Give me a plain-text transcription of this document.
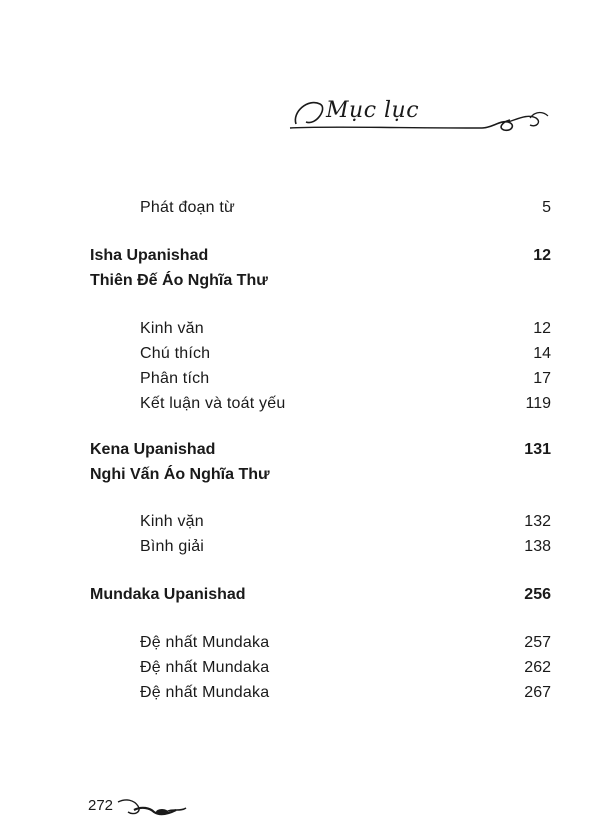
Mục lục
Phát đoạn từ	5
Isha Upanishad	12
Thiên Đế Áo Nghĩa Thư
Kinh văn	12
Chú thích	14
Phân tích	17
Kết luận và toát yếu	119
Kena Upanishad	131
Nghi Vấn Áo Nghĩa Thư
Kinh vặn	132
Bình giải	138
Mundaka Upanishad	256
Đệ nhất Mundaka	257
Đệ nhất Mundaka	262
Đệ nhất Mundaka	267
272
